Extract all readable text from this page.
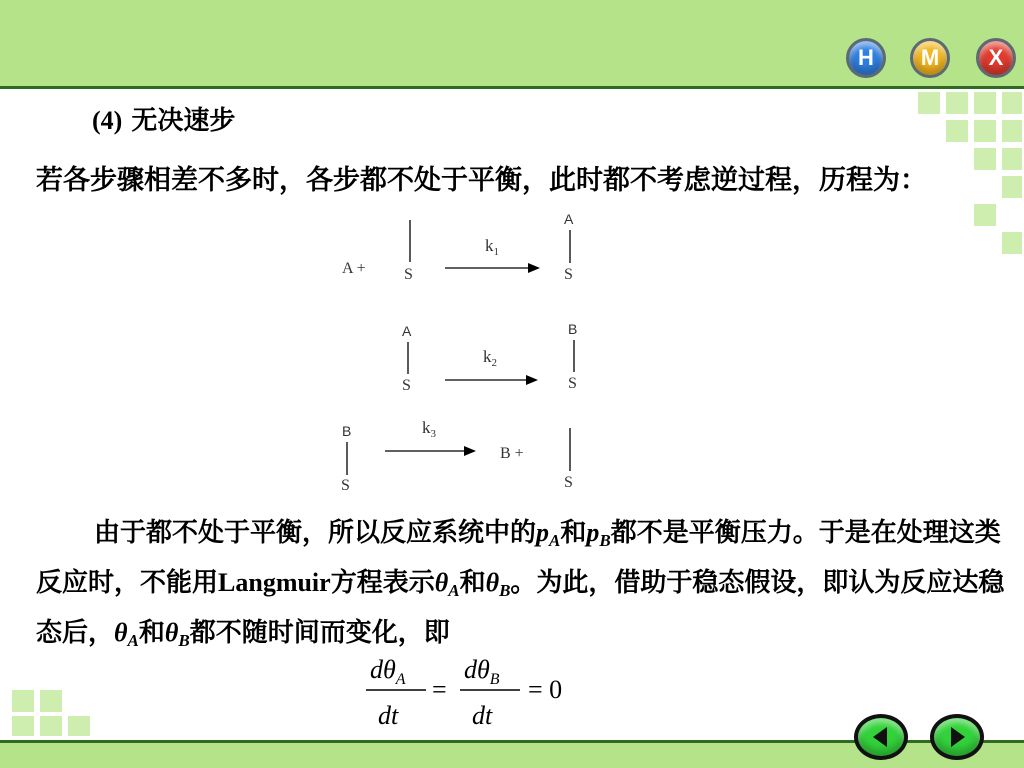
H M X
(4) 无决速步
若各步骤相差不多时，各步都不处于平衡，此时都不考虑逆过程，历程为：
A + S
$k_1$
A
S
A
S
$k_2$
B
S
B
S
$k_3$
B +
S
由于都不处于平衡，所以反应系统中的$p_A$和$p_B$都不是平衡压力。于是在处理这类反应时，不能用Langmuir方程表示$\theta_A$和$\theta_B$。为此，借助于稳态假设，即认为反应达稳态后，$\theta_A$和$\theta_B$都不随时间而变化，即
$d\theta_A$
dt
=
$d\theta_B$
dt
= 0
